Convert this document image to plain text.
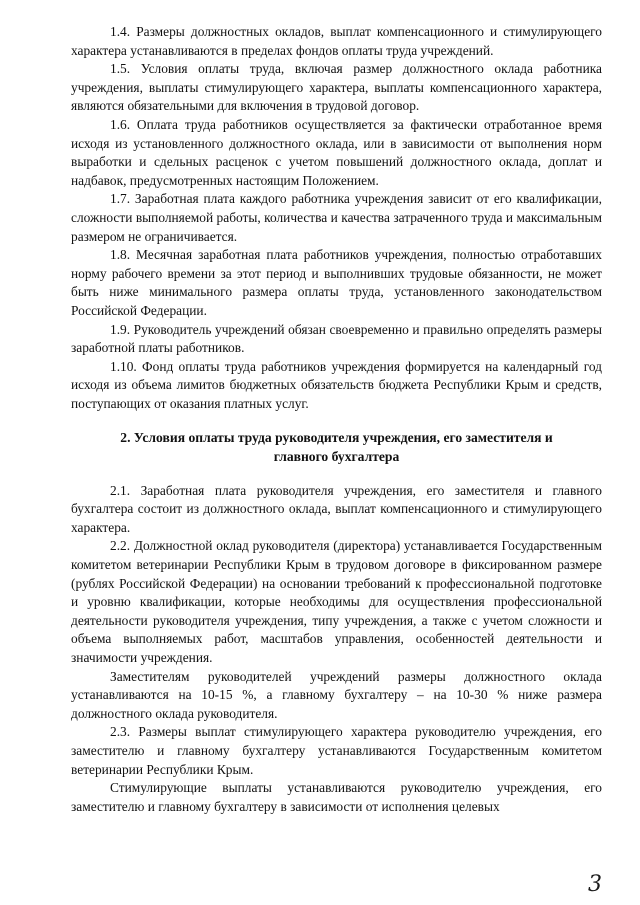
1.4. Размеры должностных окладов, выплат компенсационного и стимулирующего характера устанавливаются в пределах фондов оплаты труда учреждений.

1.5. Условия оплаты труда, включая размер должностного оклада работника учреждения, выплаты стимулирующего характера, выплаты компенсационного характера, являются обязательными для включения в трудовой договор.

1.6. Оплата труда работников осуществляется за фактически отработанное время исходя из установленного должностного оклада, или в зависимости от выполнения норм выработки и сдельных расценок с учетом повышений должностного оклада, доплат и надбавок, предусмотренных настоящим Положением.

1.7. Заработная плата каждого работника учреждения зависит от его квалификации, сложности выполняемой работы, количества и качества затраченного труда и максимальным размером не ограничивается.

1.8. Месячная заработная плата работников учреждения, полностью отработавших норму рабочего времени за этот период и выполнивших трудовые обязанности, не может быть ниже минимального размера оплаты труда, установленного законодательством Российской Федерации.

1.9. Руководитель учреждений обязан своевременно и правильно определять размеры заработной платы работников.

1.10. Фонд оплаты труда работников учреждения формируется на календарный год исходя из объема лимитов бюджетных обязательств бюджета Республики Крым и средств, поступающих от оказания платных услуг.

2. Условия оплаты труда руководителя учреждения, его заместителя и главного бухгалтера

2.1. Заработная плата руководителя учреждения, его заместителя и главного бухгалтера состоит из должностного оклада, выплат компенсационного и стимулирующего характера.

2.2. Должностной оклад руководителя (директора) устанавливается Государственным комитетом ветеринарии Республики Крым в трудовом договоре в фиксированном размере (рублях Российской Федерации) на основании требований к профессиональной подготовке и уровню квалификации, которые необходимы для осуществления профессиональной деятельности руководителя учреждения, типу учреждения, а также с учетом сложности и объема выполняемых работ, масштабов управления, особенностей деятельности и значимости учреждения.

Заместителям руководителей учреждений размеры должностного оклада устанавливаются на 10-15 %, а главному бухгалтеру – на 10-30 % ниже размера должностного оклада руководителя.

2.3. Размеры выплат стимулирующего характера руководителю учреждения, его заместителю и главному бухгалтеру устанавливаются Государственным комитетом ветеринарии Республики Крым.

Стимулирующие выплаты устанавливаются руководителю учреждения, его заместителю и главному бухгалтеру в зависимости от исполнения целевых

3
